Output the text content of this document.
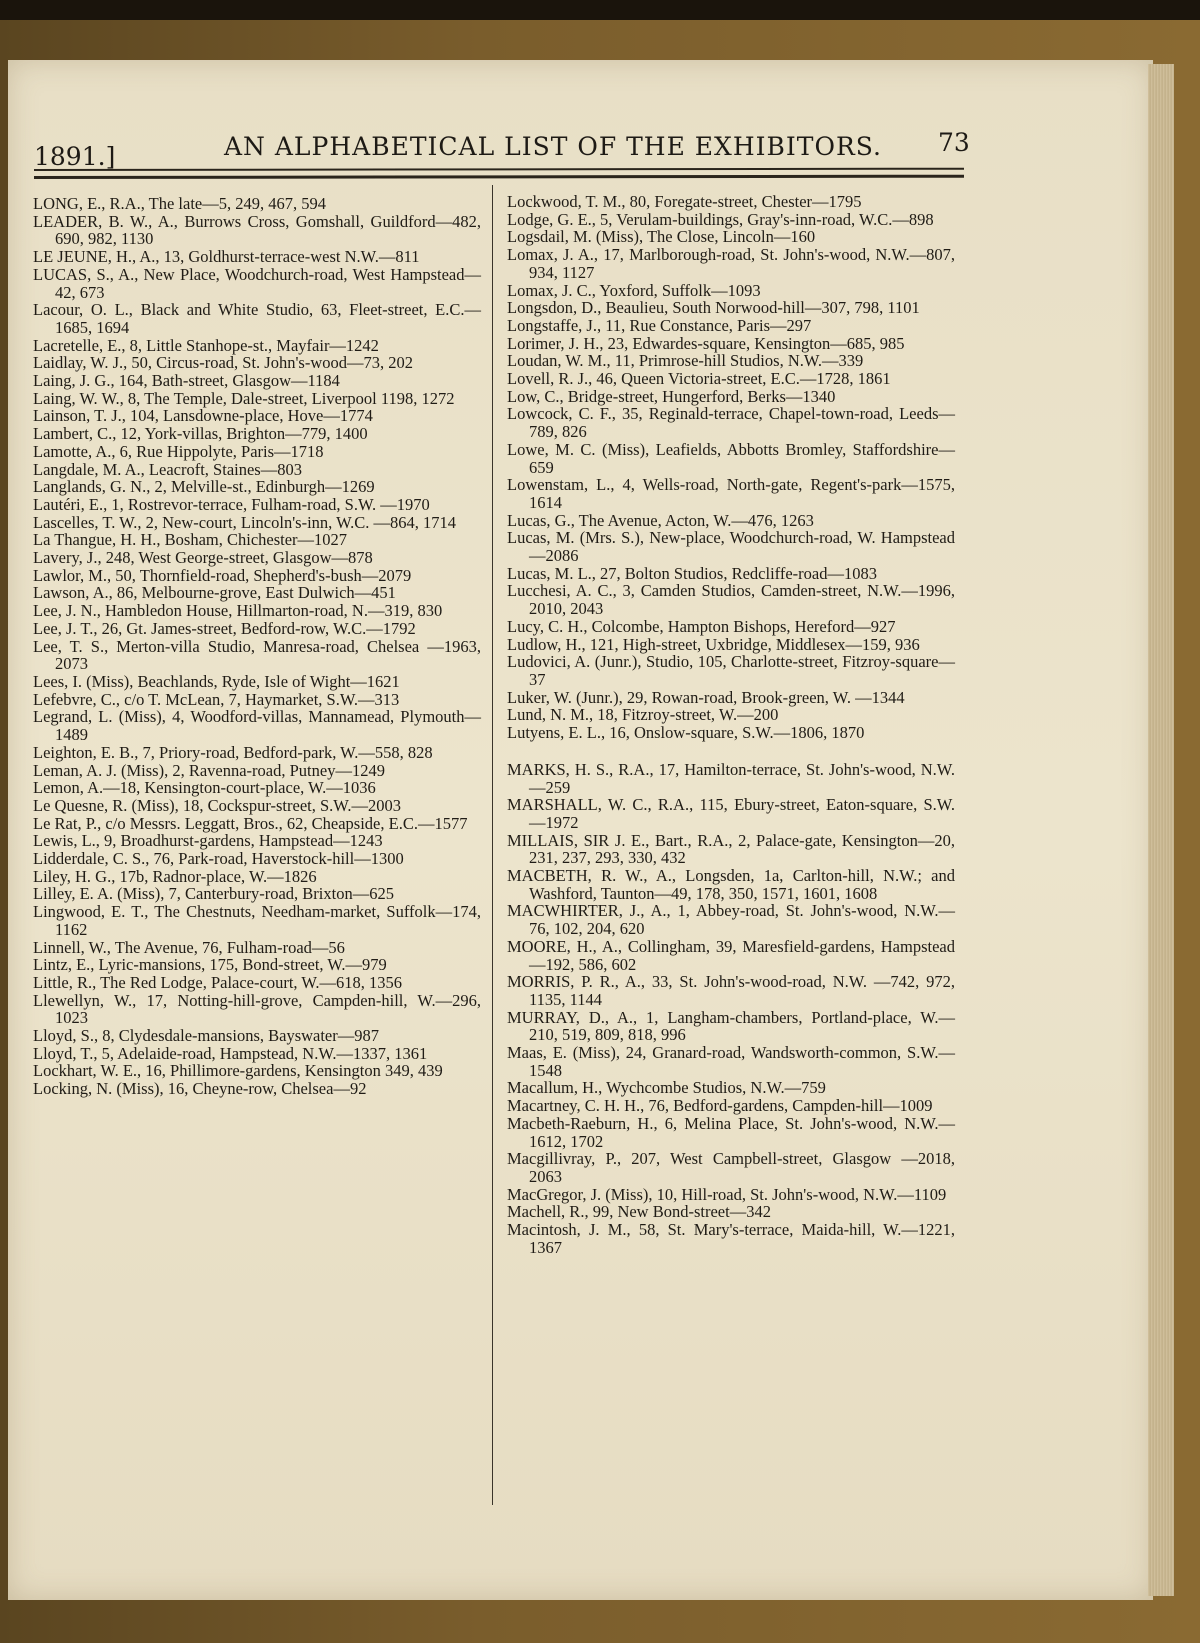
1891.]	AN ALPHABETICAL LIST OF THE EXHIBITORS. 73

LONG, E., R.A., The late—5, 249, 467, 594

LEADER, B. W., A., Burrows Cross, Gomshall, Guildford—482, 690, 982, 1130

LE JEUNE, H., A., 13, Goldhurst-terrace-west N.W.—811

LUCAS, S., A., New Place, Woodchurch-road, West Hampstead—42, 673

Lacour, O. L., Black and White Studio, 63, Fleet-street, E.C.—1685, 1694

Lacretelle, E., 8, Little Stanhope-st., Mayfair—1242

Laidlay, W. J., 50, Circus-road, St. John's-wood—73, 202

Laing, J. G., 164, Bath-street, Glasgow—1184

Laing, W. W., 8, The Temple, Dale-street, Liverpool 1198, 1272

Lainson, T. J., 104, Lansdowne-place, Hove—1774

Lambert, C., 12, York-villas, Brighton—779, 1400

Lamotte, A., 6, Rue Hippolyte, Paris—1718

Langdale, M. A., Leacroft, Staines—803

Langlands, G. N., 2, Melville-st., Edinburgh—1269

Lautéri, E., 1, Rostrevor-terrace, Fulham-road, S.W. —1970

Lascelles, T. W., 2, New-court, Lincoln's-inn, W.C. —864, 1714

La Thangue, H. H., Bosham, Chichester—1027

Lavery, J., 248, West George-street, Glasgow—878

Lawlor, M., 50, Thornfield-road, Shepherd's-bush—2079

Lawson, A., 86, Melbourne-grove, East Dulwich—451

Lee, J. N., Hambledon House, Hillmarton-road, N.—319, 830

Lee, J. T., 26, Gt. James-street, Bedford-row, W.C.—1792

Lee, T. S., Merton-villa Studio, Manresa-road, Chelsea —1963, 2073

Lees, I. (Miss), Beachlands, Ryde, Isle of Wight—1621

Lefebvre, C., c/o T. McLean, 7, Haymarket, S.W.—313

Legrand, L. (Miss), 4, Woodford-villas, Mannamead, Plymouth—1489

Leighton, E. B., 7, Priory-road, Bedford-park, W.—558, 828

Leman, A. J. (Miss), 2, Ravenna-road, Putney—1249

Lemon, A.—18, Kensington-court-place, W.—1036

Le Quesne, R. (Miss), 18, Cockspur-street, S.W.—2003

Le Rat, P., c/o Messrs. Leggatt, Bros., 62, Cheapside, E.C.—1577

Lewis, L., 9, Broadhurst-gardens, Hampstead—1243

Lidderdale, C. S., 76, Park-road, Haverstock-hill—1300

Liley, H. G., 17b, Radnor-place, W.—1826

Lilley, E. A. (Miss), 7, Canterbury-road, Brixton—625

Lingwood, E. T., The Chestnuts, Needham-market, Suffolk—174, 1162

Linnell, W., The Avenue, 76, Fulham-road—56

Lintz, E., Lyric-mansions, 175, Bond-street, W.—979

Little, R., The Red Lodge, Palace-court, W.—618, 1356

Llewellyn, W., 17, Notting-hill-grove, Campden-hill, W.—296, 1023

Lloyd, S., 8, Clydesdale-mansions, Bayswater—987

Lloyd, T., 5, Adelaide-road, Hampstead, N.W.—1337, 1361

Lockhart, W. E., 16, Phillimore-gardens, Kensington 349, 439

Locking, N. (Miss), 16, Cheyne-row, Chelsea—92

Lockwood, T. M., 80, Foregate-street, Chester—1795

Lodge, G. E., 5, Verulam-buildings, Gray's-inn-road, W.C.—898

Logsdail, M. (Miss), The Close, Lincoln—160

Lomax, J. A., 17, Marlborough-road, St. John's-wood, N.W.—807, 934, 1127

Lomax, J. C., Yoxford, Suffolk—1093

Longsdon, D., Beaulieu, South Norwood-hill—307, 798, 1101

Longstaffe, J., 11, Rue Constance, Paris—297

Lorimer, J. H., 23, Edwardes-square, Kensington—685, 985

Loudan, W. M., 11, Primrose-hill Studios, N.W.—339

Lovell, R. J., 46, Queen Victoria-street, E.C.—1728, 1861

Low, C., Bridge-street, Hungerford, Berks—1340

Lowcock, C. F., 35, Reginald-terrace, Chapel-town-road, Leeds—789, 826

Lowe, M. C. (Miss), Leafields, Abbotts Bromley, Staffordshire—659

Lowenstam, L., 4, Wells-road, North-gate, Regent's-park—1575, 1614

Lucas, G., The Avenue, Acton, W.—476, 1263

Lucas, M. (Mrs. S.), New-place, Woodchurch-road, W. Hampstead—2086

Lucas, M. L., 27, Bolton Studios, Redcliffe-road—1083

Lucchesi, A. C., 3, Camden Studios, Camden-street, N.W.—1996, 2010, 2043

Lucy, C. H., Colcombe, Hampton Bishops, Hereford—927

Ludlow, H., 121, High-street, Uxbridge, Middlesex—159, 936

Ludovici, A. (Junr.), Studio, 105, Charlotte-street, Fitzroy-square—37

Luker, W. (Junr.), 29, Rowan-road, Brook-green, W. —1344

Lund, N. M., 18, Fitzroy-street, W.—200

Lutyens, E. L., 16, Onslow-square, S.W.—1806, 1870

MARKS, H. S., R.A., 17, Hamilton-terrace, St. John's-wood, N.W.—259

MARSHALL, W. C., R.A., 115, Ebury-street, Eaton-square, S.W.—1972

MILLAIS, SIR J. E., Bart., R.A., 2, Palace-gate, Kensington—20, 231, 237, 293, 330, 432

MACBETH, R. W., A., Longsden, 1a, Carlton-hill, N.W.; and Washford, Taunton—49, 178, 350, 1571, 1601, 1608

MACWHIRTER, J., A., 1, Abbey-road, St. John's-wood, N.W.—76, 102, 204, 620

MOORE, H., A., Collingham, 39, Maresfield-gardens, Hampstead—192, 586, 602

MORRIS, P. R., A., 33, St. John's-wood-road, N.W. —742, 972, 1135, 1144

MURRAY, D., A., 1, Langham-chambers, Portland-place, W.—210, 519, 809, 818, 996

Maas, E. (Miss), 24, Granard-road, Wandsworth-common, S.W.—1548

Macallum, H., Wychcombe Studios, N.W.—759

Macartney, C. H. H., 76, Bedford-gardens, Campden-hill—1009

Macbeth-Raeburn, H., 6, Melina Place, St. John's-wood, N.W.—1612, 1702

Macgillivray, P., 207, West Campbell-street, Glasgow —2018, 2063

MacGregor, J. (Miss), 10, Hill-road, St. John's-wood, N.W.—1109

Machell, R., 99, New Bond-street—342

Macintosh, J. M., 58, St. Mary's-terrace, Maida-hill, W.—1221, 1367
